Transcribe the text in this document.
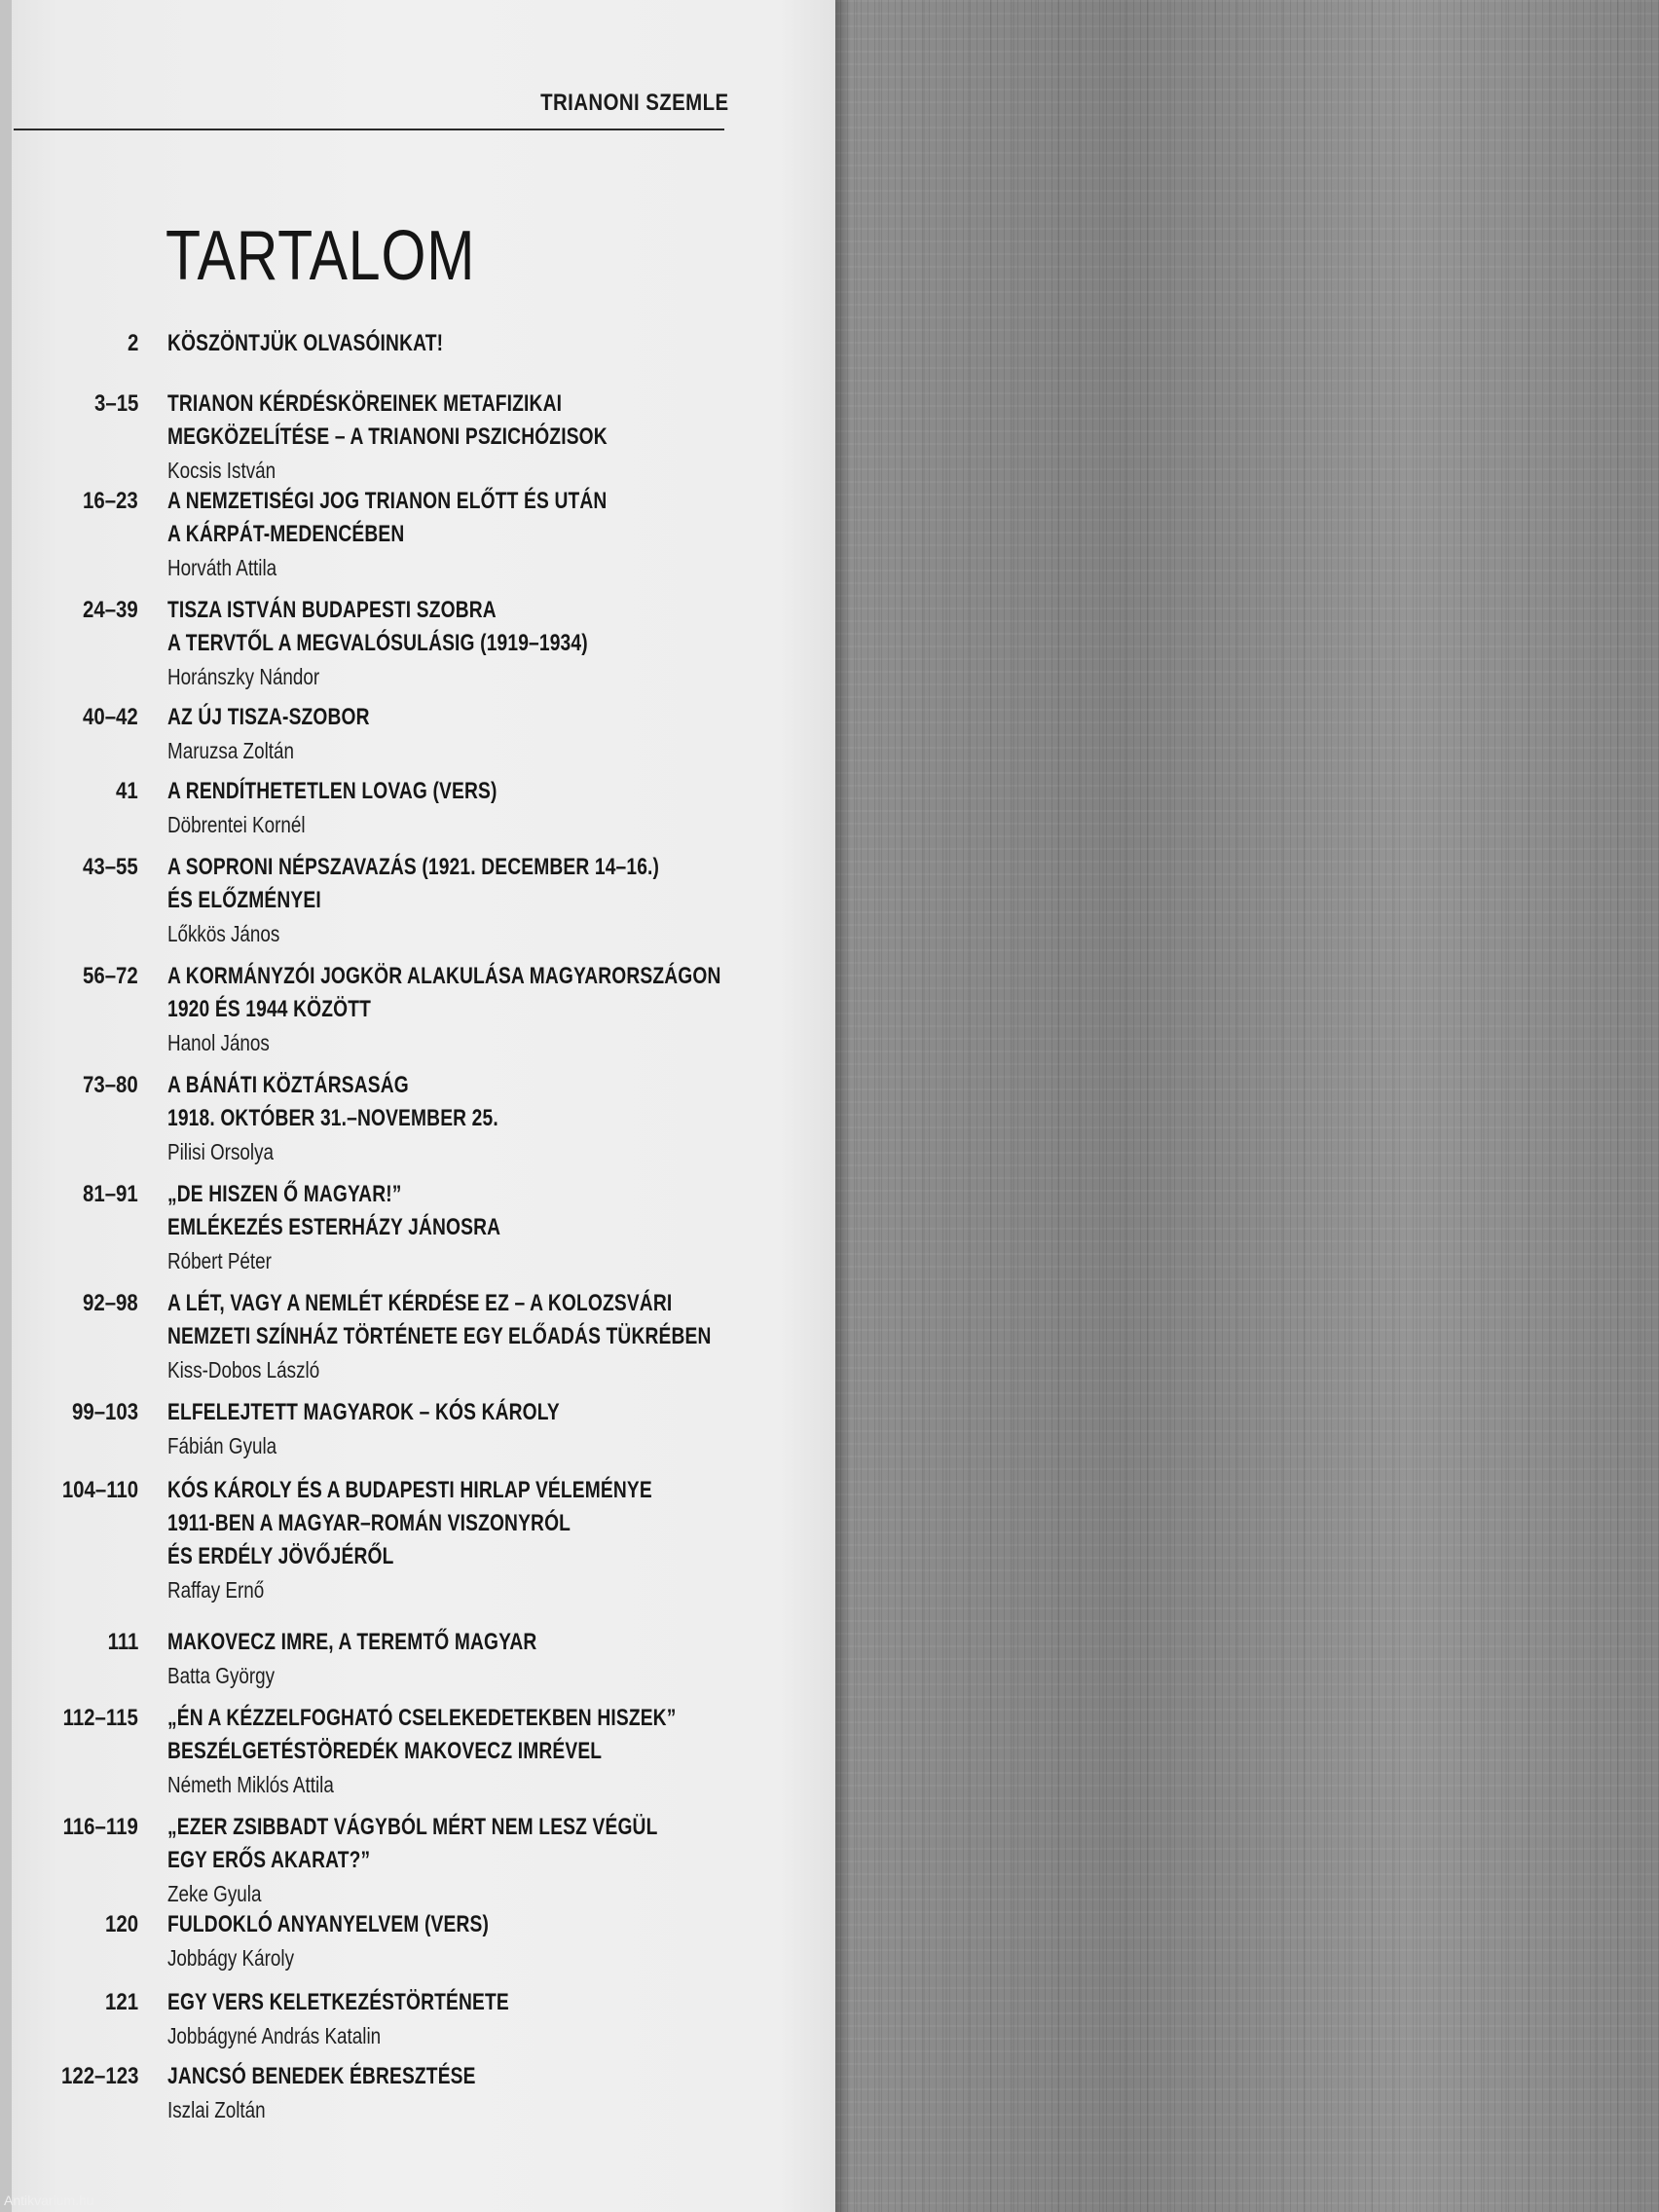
TRIANONI SZEMLE
TARTALOM
2 KÖSZÖNTJÜK OLVASÓINKAT!
3–15 TRIANON KÉRDÉSKÖREINEK METAFIZIKAI
MEGKÖZELÍTÉSE – A TRIANONI PSZICHÓZISOK
Kocsis István
16–23 A NEMZETISÉGI JOG TRIANON ELŐTT ÉS UTÁN
A KÁRPÁT-MEDENCÉBEN
Horváth Attila
24–39 TISZA ISTVÁN BUDAPESTI SZOBRA
A TERVTŐL A MEGVALÓSULÁSIG (1919–1934)
Horánszky Nándor
40–42 AZ ÚJ TISZA-SZOBOR
Maruzsa Zoltán
41 A RENDÍTHETETLEN LOVAG (VERS)
Döbrentei Kornél
43–55 A SOPRONI NÉPSZAVAZÁS (1921. DECEMBER 14–16.)
ÉS ELŐZMÉNYEI
Lőkkös János
56–72 A KORMÁNYZÓI JOGKÖR ALAKULÁSA MAGYARORSZÁGON
1920 ÉS 1944 KÖZÖTT
Hanol János
73–80 A BÁNÁTI KÖZTÁRSASÁG
1918. OKTÓBER 31.–NOVEMBER 25.
Pilisi Orsolya
81–91 „DE HISZEN Ő MAGYAR!”
EMLÉKEZÉS ESTERHÁZY JÁNOSRA
Róbert Péter
92–98 A LÉT, VAGY A NEMLÉT KÉRDÉSE EZ – A KOLOZSVÁRI
NEMZETI SZÍNHÁZ TÖRTÉNETE EGY ELŐADÁS TÜKRÉBEN
Kiss-Dobos László
99–103 ELFELEJTETT MAGYAROK – KÓS KÁROLY
Fábián Gyula
104–110 KÓS KÁROLY ÉS A BUDAPESTI HIRLAP VÉLEMÉNYE
1911-BEN A MAGYAR–ROMÁN VISZONYRÓL
ÉS ERDÉLY JÖVŐJÉRŐL
Raffay Ernő
111 MAKOVECZ IMRE, A TEREMTŐ MAGYAR
Batta György
112–115 „ÉN A KÉZZELFOGHATÓ CSELEKEDETEKBEN HISZEK”
BESZÉLGETÉSTÖREDÉK MAKOVECZ IMRÉVEL
Németh Miklós Attila
116–119 „EZER ZSIBBADT VÁGYBÓL MÉRT NEM LESZ VÉGÜL
EGY ERŐS AKARAT?”
Zeke Gyula
120 FULDOKLÓ ANYANYELVEM (VERS)
Jobbágy Károly
121 EGY VERS KELETKEZÉSTÖRTÉNETE
Jobbágyné András Katalin
122–123 JANCSÓ BENEDEK ÉBRESZTÉSE
Iszlai Zoltán
Antikvarium.hu
